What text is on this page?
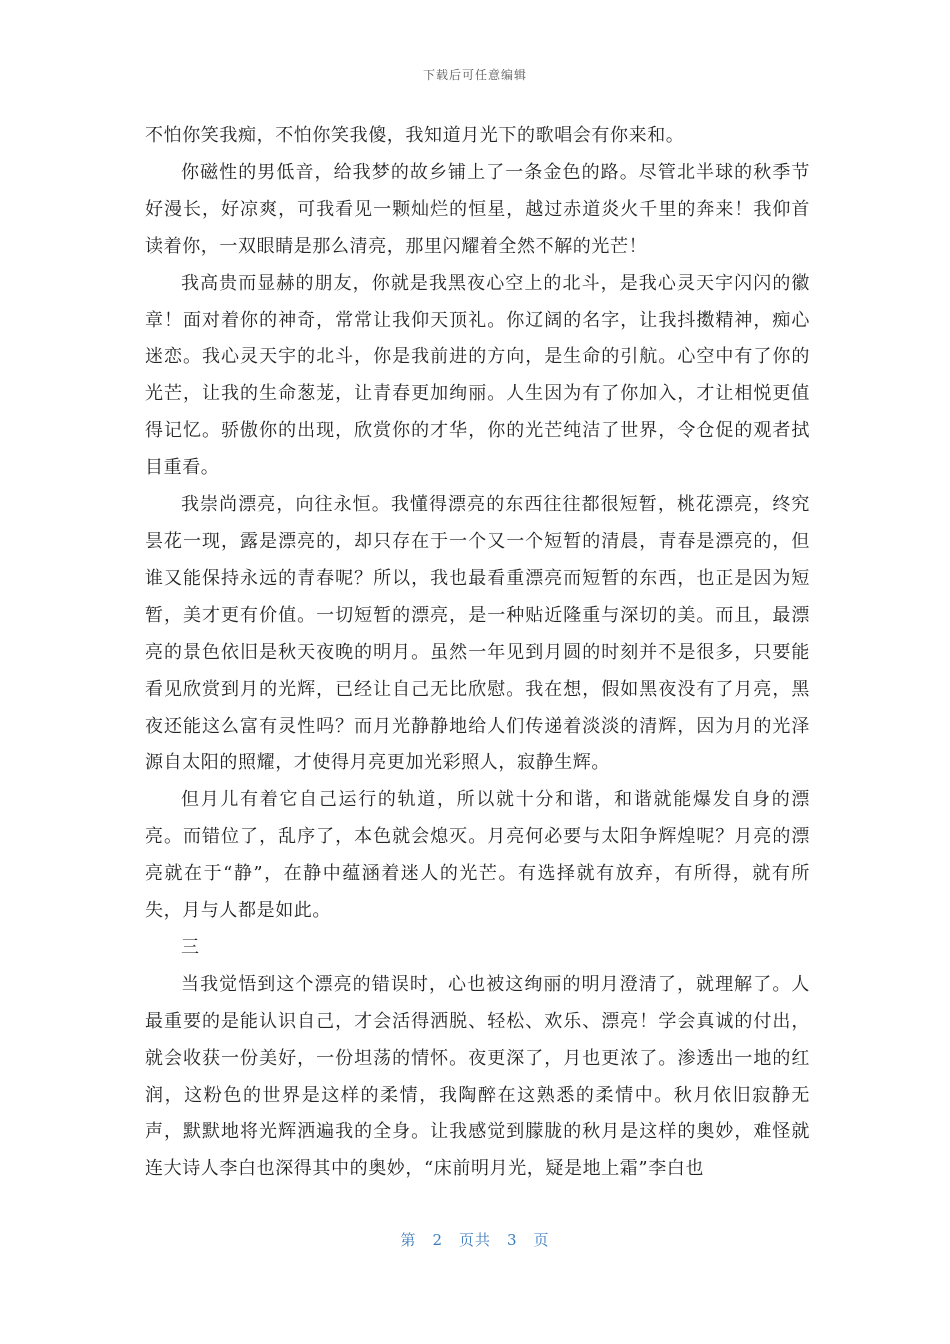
下载后可任意编辑

不怕你笑我痴，不怕你笑我傻，我知道月光下的歌唱会有你来和。

你磁性的男低音，给我梦的故乡铺上了一条金色的路。尽管北半球的秋季节好漫长，好凉爽，可我看见一颗灿烂的恒星，越过赤道炎火千里的奔来！我仰首读着你，一双眼睛是那么清亮，那里闪耀着全然不解的光芒！

我高贵而显赫的朋友，你就是我黑夜心空上的北斗，是我心灵天宇闪闪的徽章！面对着你的神奇，常常让我仰天顶礼。你辽阔的名字，让我抖擞精神，痴心迷恋。我心灵天宇的北斗，你是我前进的方向，是生命的引航。心空中有了你的光芒，让我的生命葱茏，让青春更加绚丽。人生因为有了你加入，才让相悦更值得记忆。骄傲你的出现，欣赏你的才华，你的光芒纯洁了世界，令仓促的观者拭目重看。

我崇尚漂亮，向往永恒。我懂得漂亮的东西往往都很短暂，桃花漂亮，终究昙花一现，露是漂亮的，却只存在于一个又一个短暂的清晨，青春是漂亮的，但谁又能保持永远的青春呢？所以，我也最看重漂亮而短暂的东西，也正是因为短暂，美才更有价值。一切短暂的漂亮，是一种贴近隆重与深切的美。而且，最漂亮的景色依旧是秋天夜晚的明月。虽然一年见到月圆的时刻并不是很多，只要能看见欣赏到月的光辉，已经让自己无比欣慰。我在想，假如黑夜没有了月亮，黑夜还能这么富有灵性吗？而月光静静地给人们传递着淡淡的清辉，因为月的光泽源自太阳的照耀，才使得月亮更加光彩照人，寂静生辉。

但月儿有着它自己运行的轨道，所以就十分和谐，和谐就能爆发自身的漂亮。而错位了，乱序了，本色就会熄灭。月亮何必要与太阳争辉煌呢？月亮的漂亮就在于“静”，在静中蕴涵着迷人的光芒。有选择就有放弃，有所得，就有所失，月与人都是如此。

三

当我觉悟到这个漂亮的错误时，心也被这绚丽的明月澄清了，就理解了。人最重要的是能认识自己，才会活得洒脱、轻松、欢乐、漂亮！学会真诚的付出，就会收获一份美好，一份坦荡的情怀。夜更深了，月也更浓了。渗透出一地的红润，这粉色的世界是这样的柔情，我陶醉在这熟悉的柔情中。秋月依旧寂静无声，默默地将光辉洒遍我的全身。让我感觉到朦胧的秋月是这样的奥妙，难怪就连大诗人李白也深得其中的奥妙，“床前明月光，疑是地上霜”李白也

第 2 页共 3 页
